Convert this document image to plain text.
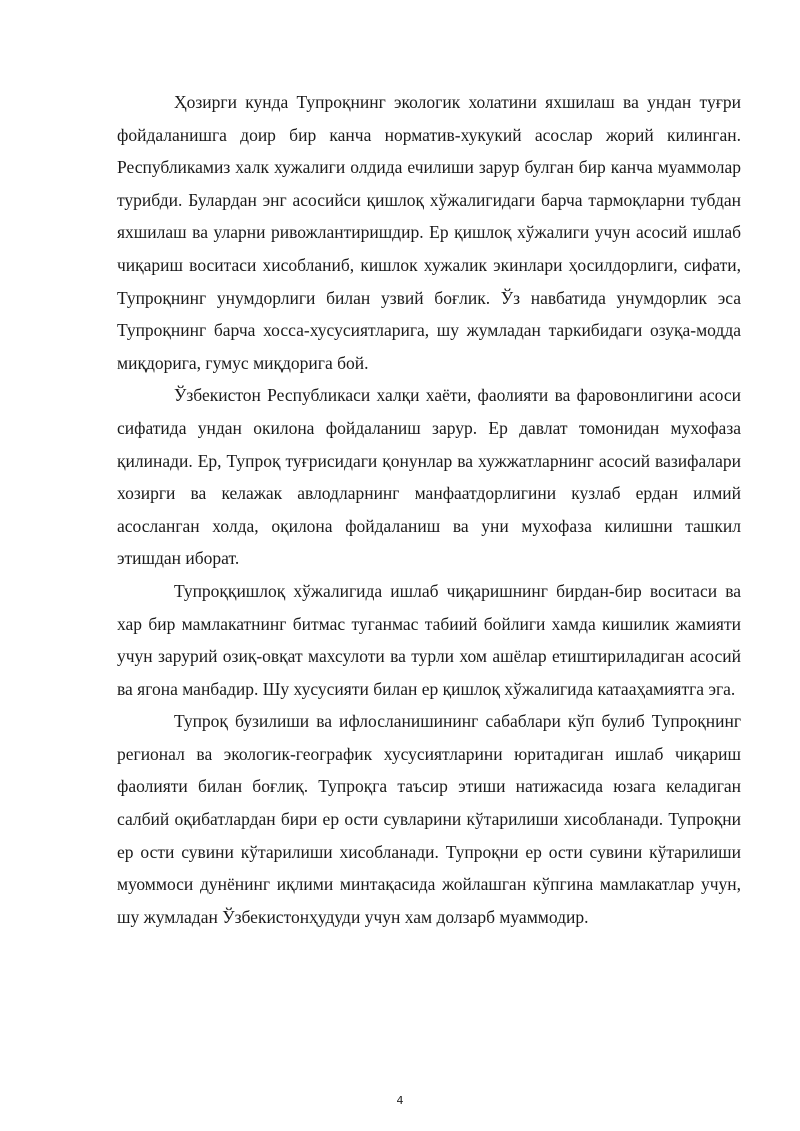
Ҳозирги кунда Тупроқнинг экологик холатини яхшилаш ва ундан туғри фойдаланишга доир бир канча норматив-хукукий асослар жорий килинган. Республикамиз халк хужалиги олдида ечилиши зарур булган бир канча муаммолар турибди. Булардан энг асосийси қишлоқ хўжалигидаги барча тармоқларни тубдан яхшилаш ва уларни ривожлантиришдир. Ер қишлоқ хўжалиги учун асосий ишлаб чиқариш воситаси хисобланиб, кишлок хужалик экинлари ҳосилдорлиги, сифати, Тупроқнинг унумдорлиги билан узвий боғлик. Ўз навбатида унумдорлик эса Тупроқнинг барча хосса-хусусиятларига, шу жумладан таркибидаги озуқа-модда миқдорига, гумус миқдорига бой.

Ўзбекистон Республикаси халқи хаёти, фаолияти ва фаровонлигини асоси сифатида ундан окилона фойдаланиш зарур. Ер давлат томонидан мухофаза қилинади. Ер, Тупроқ туғрисидаги қонунлар ва хужжатларнинг асосий вазифалари хозирги ва келажак авлодларнинг манфаатдорлигини кузлаб ердан илмий асосланган холда, оқилона фойдаланиш ва уни мухофаза килишни ташкил этишдан иборат.

Тупроққишлоқ хўжалигида ишлаб чиқаришнинг бирдан-бир воситаси ва хар бир мамлакатнинг битмас туганмас табиий бойлиги хамда кишилик жамияти учун зарурий озиқ-овқат махсулоти ва турли хом ашёлар етиштириладиган асосий ва ягона манбадир. Шу хусусияти билан ер қишлоқ хўжалигида катааҳамиятга эга.

Тупроқ бузилиши ва ифлосланишининг сабаблари кўп булиб Тупроқнинг регионал ва экологик-географик хусусиятларини юритадиган ишлаб чиқариш фаолияти билан боғлиқ. Тупроқга таъсир этиши натижасида юзага келадиган салбий оқибатлардан бири ер ости сувларини кўтарилиши хисобланади. Тупроқни ер ости сувини кўтарилиши хисобланади. Тупроқни ер ости сувини кўтарилиши муоммоси дунёнинг иқлими минтақасида жойлашган кўпгина мамлакатлар учун, шу жумладан Ўзбекистонҳудуди учун хам долзарб муаммодир.

4
